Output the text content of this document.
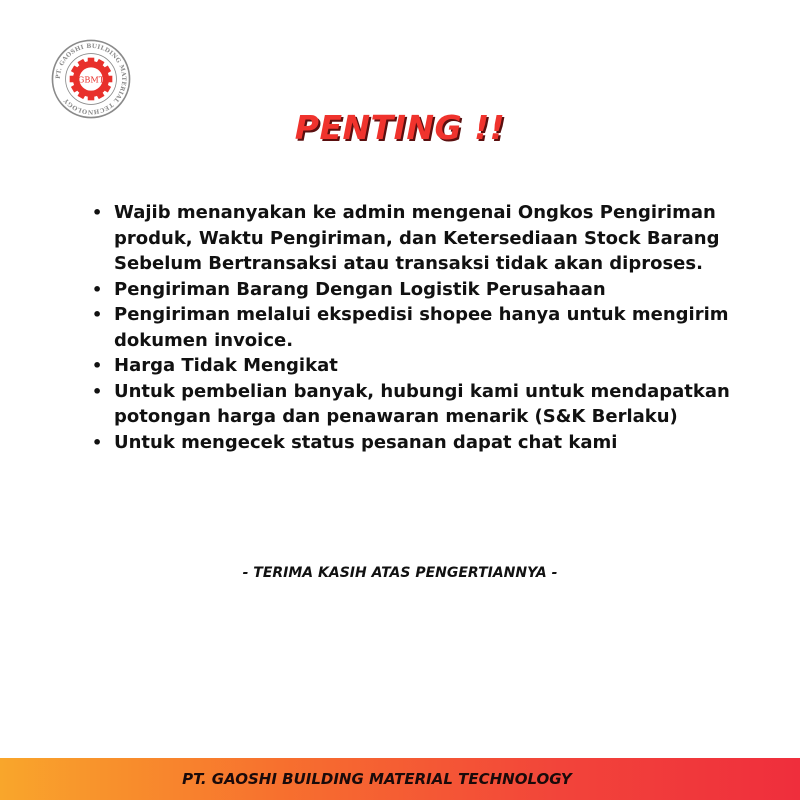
PT. GAOSHI BUILDING MATERIAL TECHNOLOGY
GBMT
PENTING !!
• Wajib menanyakan ke admin mengenai Ongkos Pengiriman produk, Waktu Pengiriman, dan Ketersediaan Stock Barang Sebelum Bertransaksi atau transaksi tidak akan diproses.
• Pengiriman Barang Dengan Logistik Perusahaan
• Pengiriman melalui ekspedisi shopee hanya untuk mengirim dokumen invoice.
• Harga Tidak Mengikat
• Untuk pembelian banyak, hubungi kami untuk mendapatkan potongan harga dan penawaran menarik (S&K Berlaku)
• Untuk mengecek status pesanan dapat chat kami
- TERIMA KASIH ATAS PENGERTIANNYA -
PT. GAOSHI BUILDING MATERIAL TECHNOLOGY
